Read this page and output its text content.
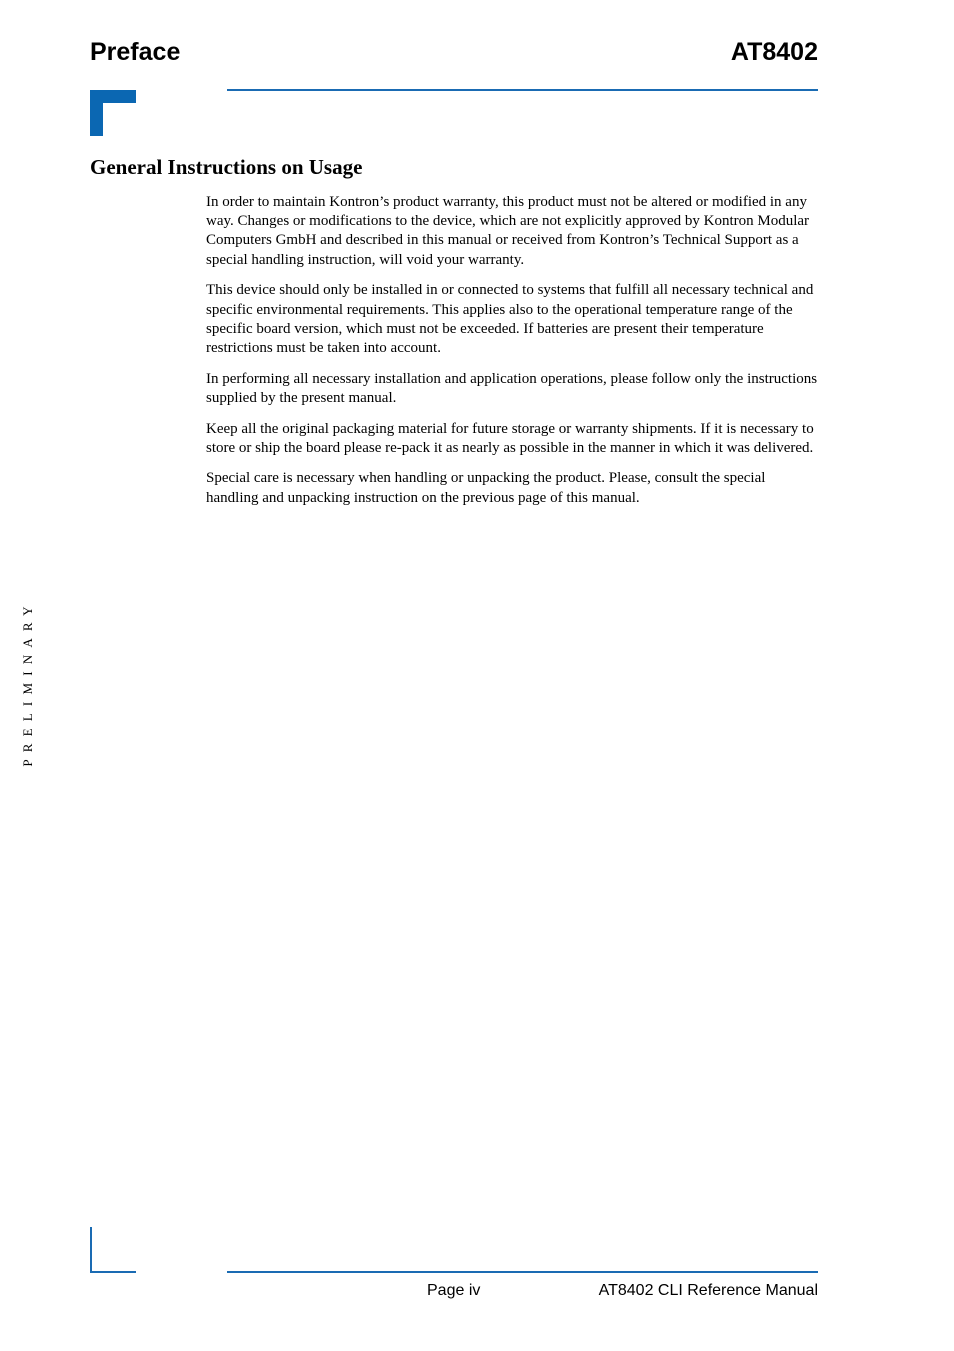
Preface	AT8402
General Instructions on Usage

In order to maintain Kontron’s product warranty, this product must not be altered or modified in any way. Changes or modifications to the device, which are not explicitly approved by Kontron Modular Computers GmbH and described in this manual or received from Kontron’s Technical Support as a special handling instruction, will void your warranty.

This device should only be installed in or connected to systems that fulfill all necessary technical and specific environmental requirements. This applies also to the operational temperature range of the specific board version, which must not be exceeded. If batteries are present their temperature restrictions must be taken into account.

In performing all necessary installation and application operations, please follow only the instructions supplied by the present manual.

Keep all the original packaging material for future storage or warranty shipments. If it is necessary to store or ship the board please re-pack it as nearly as possible in the manner in which it was delivered.

Special care is necessary when handling or unpacking the product. Please, consult the special handling and unpacking instruction on the previous page of this manual.

PRELIMINARY
Page iv	AT8402 CLI Reference Manual
